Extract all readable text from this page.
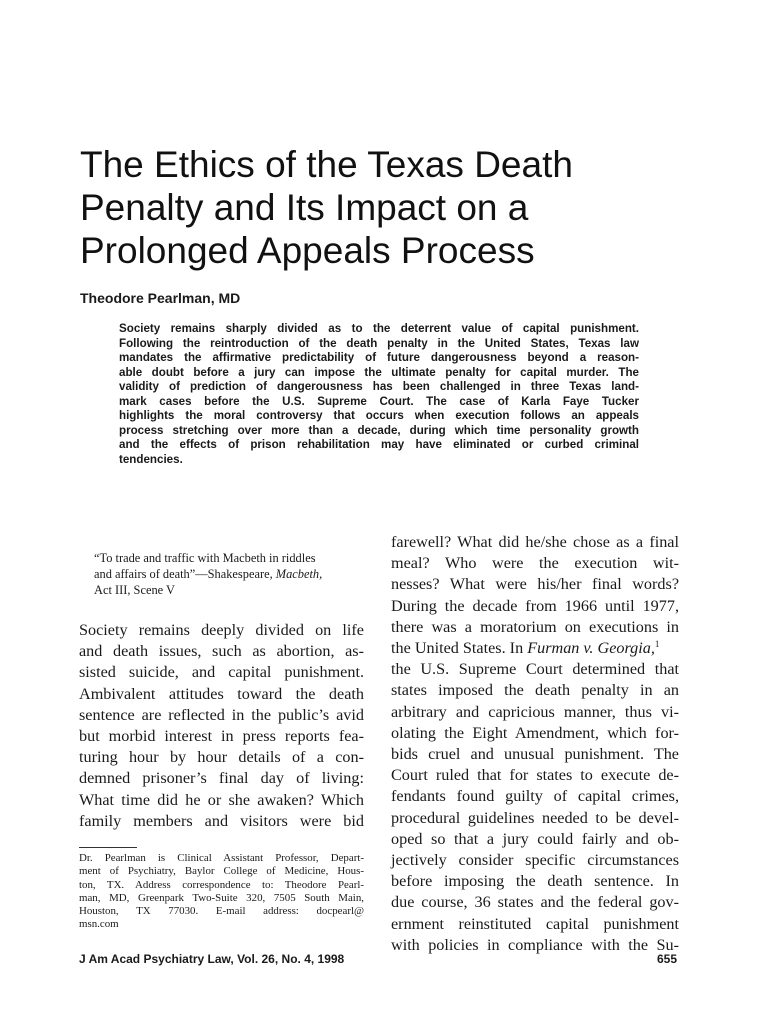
The Ethics of the Texas Death
Penalty and Its Impact on a
Prolonged Appeals Process

Theodore Pearlman, MD

Society remains sharply divided as to the deterrent value of capital punishment.
Following the reintroduction of the death penalty in the United States, Texas law
mandates the affirmative predictability of future dangerousness beyond a reason-
able doubt before a jury can impose the ultimate penalty for capital murder. The
validity of prediction of dangerousness has been challenged in three Texas land-
mark cases before the U.S. Supreme Court. The case of Karla Faye Tucker
highlights the moral controversy that occurs when execution follows an appeals
process stretching over more than a decade, during which time personality growth
and the effects of prison rehabilitation may have eliminated or curbed criminal
tendencies.
“To trade and traffic with Macbeth in riddles
and affairs of death”—Shakespeare, Macbeth,
Act III, Scene V
Society remains deeply divided on life
and death issues, such as abortion, as-
sisted suicide, and capital punishment.
Ambivalent attitudes toward the death
sentence are reflected in the public’s avid
but morbid interest in press reports fea-
turing hour by hour details of a con-
demned prisoner’s final day of living:
What time did he or she awaken? Which
family members and visitors were bid
Dr. Pearlman is Clinical Assistant Professor, Depart-
ment of Psychiatry, Baylor College of Medicine, Hous-
ton, TX. Address correspondence to: Theodore Pearl-
man, MD, Greenpark Two-Suite 320, 7505 South Main,
Houston, TX 77030. E-mail address: docpearl@
msn.com
farewell? What did he/she chose as a final
meal? Who were the execution wit-
nesses? What were his/her final words?
During the decade from 1966 until 1977,
there was a moratorium on executions in
the United States. In Furman v. Georgia,$^1$
the U.S. Supreme Court determined that
states imposed the death penalty in an
arbitrary and capricious manner, thus vi-
olating the Eight Amendment, which for-
bids cruel and unusual punishment. The
Court ruled that for states to execute de-
fendants found guilty of capital crimes,
procedural guidelines needed to be devel-
oped so that a jury could fairly and ob-
jectively consider specific circumstances
before imposing the death sentence. In
due course, 36 states and the federal gov-
ernment reinstituted capital punishment
with policies in compliance with the Su-

J Am Acad Psychiatry Law, Vol. 26, No. 4, 1998	655
